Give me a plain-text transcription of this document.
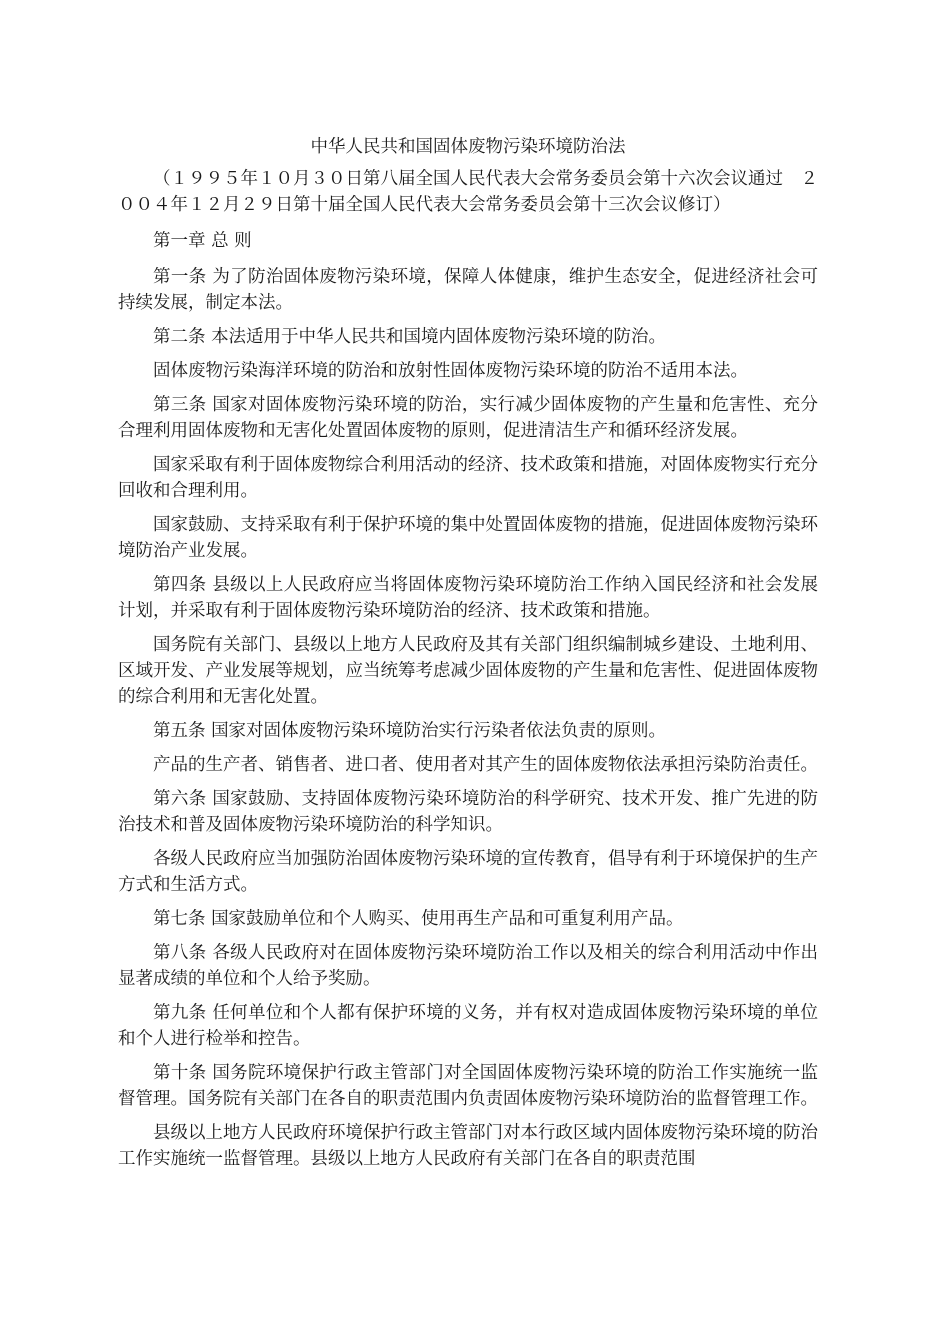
中华人民共和国固体废物污染环境防治法

（１９９５年１０月３０日第八届全国人民代表大会常务委员会第十六次会议通过　２００４年１２月２９日第十届全国人民代表大会常务委员会第十三次会议修订）

第一章 总 则

第一条 为了防治固体废物污染环境，保障人体健康，维护生态安全，促进经济社会可持续发展，制定本法。

第二条 本法适用于中华人民共和国境内固体废物污染环境的防治。

固体废物污染海洋环境的防治和放射性固体废物污染环境的防治不适用本法。

第三条 国家对固体废物污染环境的防治，实行减少固体废物的产生量和危害性、充分合理利用固体废物和无害化处置固体废物的原则，促进清洁生产和循环经济发展。

国家采取有利于固体废物综合利用活动的经济、技术政策和措施，对固体废物实行充分回收和合理利用。

国家鼓励、支持采取有利于保护环境的集中处置固体废物的措施，促进固体废物污染环境防治产业发展。

第四条 县级以上人民政府应当将固体废物污染环境防治工作纳入国民经济和社会发展计划，并采取有利于固体废物污染环境防治的经济、技术政策和措施。

国务院有关部门、县级以上地方人民政府及其有关部门组织编制城乡建设、土地利用、区域开发、产业发展等规划，应当统筹考虑减少固体废物的产生量和危害性、促进固体废物的综合利用和无害化处置。

第五条 国家对固体废物污染环境防治实行污染者依法负责的原则。

产品的生产者、销售者、进口者、使用者对其产生的固体废物依法承担污染防治责任。

第六条 国家鼓励、支持固体废物污染环境防治的科学研究、技术开发、推广先进的防治技术和普及固体废物污染环境防治的科学知识。

各级人民政府应当加强防治固体废物污染环境的宣传教育，倡导有利于环境保护的生产方式和生活方式。

第七条 国家鼓励单位和个人购买、使用再生产品和可重复利用产品。

第八条 各级人民政府对在固体废物污染环境防治工作以及相关的综合利用活动中作出显著成绩的单位和个人给予奖励。

第九条 任何单位和个人都有保护环境的义务，并有权对造成固体废物污染环境的单位和个人进行检举和控告。

第十条 国务院环境保护行政主管部门对全国固体废物污染环境的防治工作实施统一监督管理。国务院有关部门在各自的职责范围内负责固体废物污染环境防治的监督管理工作。

县级以上地方人民政府环境保护行政主管部门对本行政区域内固体废物污染环境的防治工作实施统一监督管理。县级以上地方人民政府有关部门在各自的职责范围
